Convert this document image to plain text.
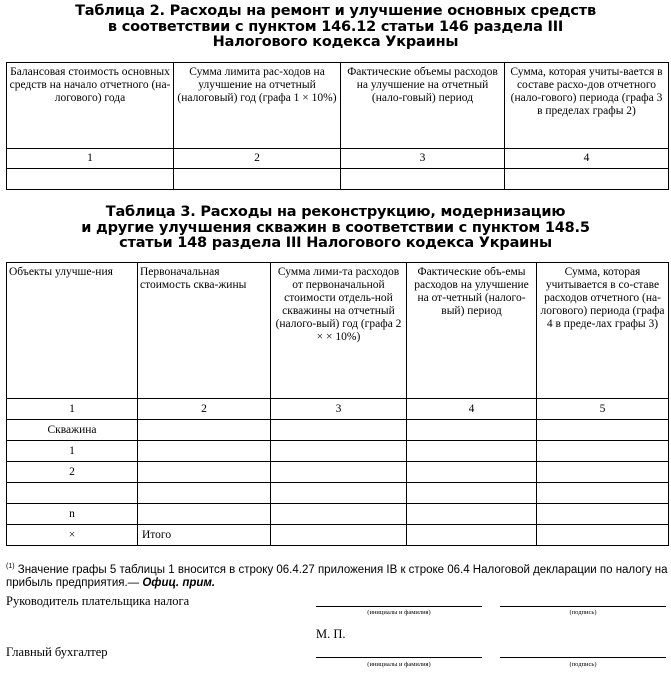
Таблица 2. Расходы на ремонт и улучшение основных средств
в соответствии с пунктом 146.12 статьи 146 раздела III
Налогового кодекса Украины
Балансовая стоимость основных средств на начало отчетного (на-логового) года	Сумма лимита рас-ходов на улучшение на отчетный (налоговый) год (графа 1 × 10%)	Фактические объемы расходов на улучшение на отчетный (нало-говый) период	Сумма, которая учиты-вается в составе расхо-дов отчетного (нало-гового) периода (графа 3 в пределах графы 2)
1	2	3	4

Таблица 3. Расходы на реконструкцию, модернизацию
и другие улучшения скважин в соответствии с пунктом 148.5
статьи 148 раздела III Налогового кодекса Украины
Объекты улучше-ния	Первоначальная стоимость сква-жины	Сумма лими-та расходов от первоначальной стоимости отдель-ной скважины на отчетный (налого-вый) год (графа 2 × × 10%)	Фактические объ-емы расходов на улучшение на от-четный (налого-вый) период	Сумма, которая учитывается в со-ставе расходов отчетного (на-логового) периода (графа 4 в преде-лах графы 3)
1	2	3	4	5
Скважина				
1				
2				

n				
×	Итого			
$^{(1)}$ Значение графы 5 таблицы 1 вносится в строку 06.4.27 приложения IВ к строке 06.4 Налоговой декларации по налогу на прибыль предприятия.— Офиц. прим.
Руководитель плательщика налога
(инициалы и фамилия)	(подпись)
М. П.
Главный бухгалтер
(инициалы и фамилия)	(подпись)
